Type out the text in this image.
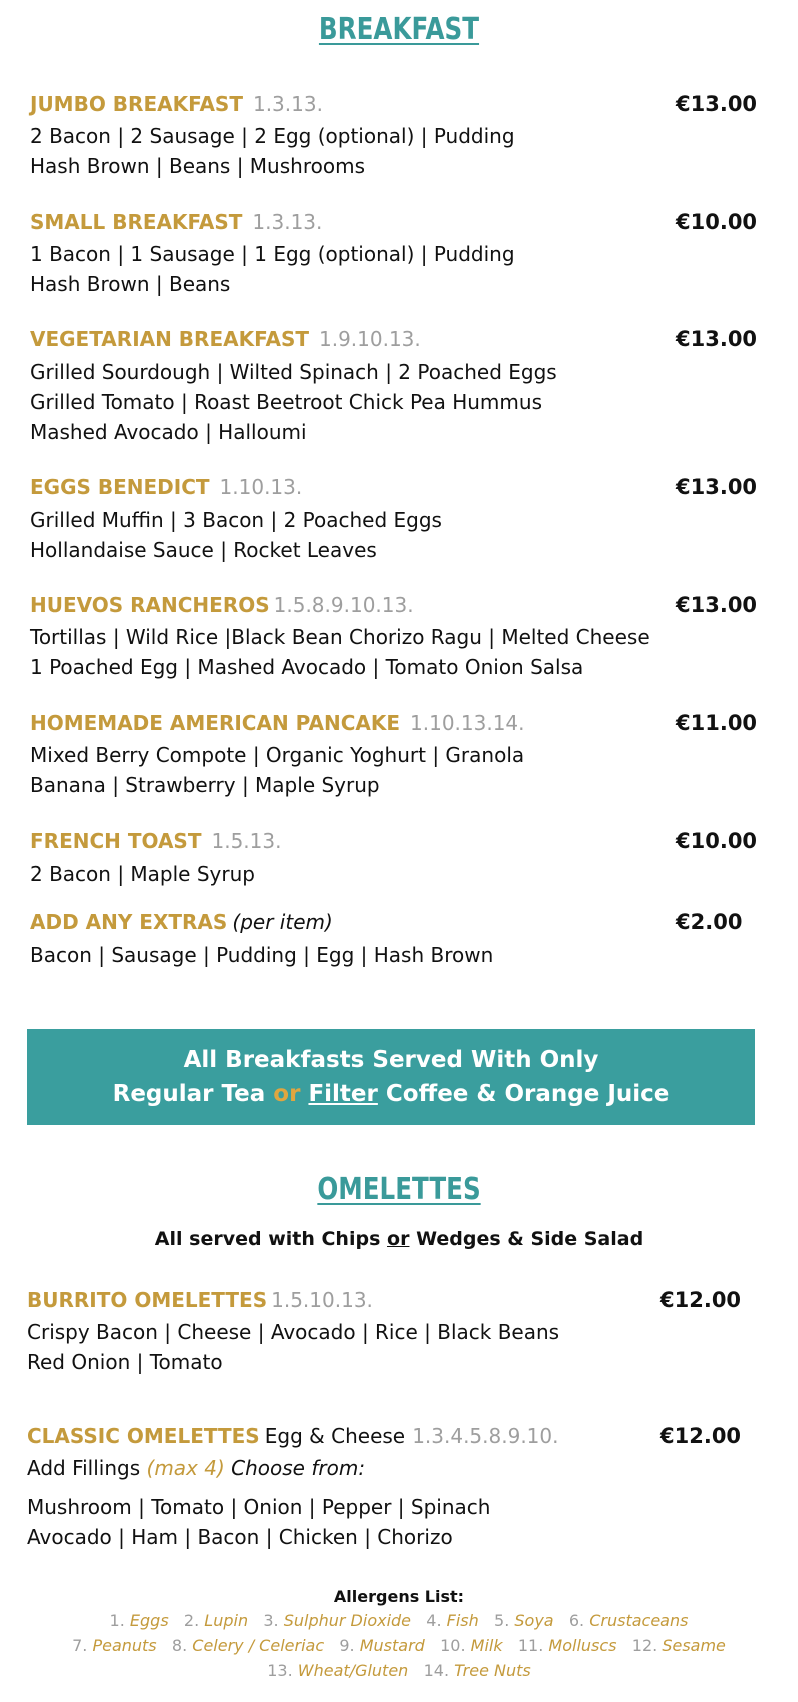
BREAKFAST
JUMBO BREAKFAST 1.3.13.	€13.00
2 Bacon | 2 Sausage | 2 Egg (optional) | Pudding
Hash Brown | Beans | Mushrooms
SMALL BREAKFAST 1.3.13.	€10.00
1 Bacon | 1 Sausage | 1 Egg (optional) | Pudding
Hash Brown | Beans
VEGETARIAN BREAKFAST 1.9.10.13.	€13.00
Grilled Sourdough | Wilted Spinach | 2 Poached Eggs
Grilled Tomato | Roast Beetroot Chick Pea Hummus
Mashed Avocado | Halloumi
EGGS BENEDICT 1.10.13.	€13.00
Grilled Muffin | 3 Bacon | 2 Poached Eggs
Hollandaise Sauce | Rocket Leaves
HUEVOS RANCHEROS 1.5.8.9.10.13.	€13.00
Tortillas | Wild Rice |Black Bean Chorizo Ragu | Melted Cheese
1 Poached Egg | Mashed Avocado | Tomato Onion Salsa
HOMEMADE AMERICAN PANCAKE 1.10.13.14.	€11.00
Mixed Berry Compote | Organic Yoghurt | Granola
Banana | Strawberry | Maple Syrup
FRENCH TOAST 1.5.13.	€10.00
2 Bacon | Maple Syrup
ADD ANY EXTRAS (per item)	€2.00
Bacon | Sausage | Pudding | Egg | Hash Brown
All Breakfasts Served With Only
Regular Tea or Filter Coffee & Orange Juice
OMELETTES
All served with Chips or Wedges & Side Salad
BURRITO OMELETTES 1.5.10.13.	€12.00
Crispy Bacon | Cheese | Avocado | Rice | Black Beans
Red Onion | Tomato
CLASSIC OMELETTES Egg & Cheese 1.3.4.5.8.9.10.	€12.00
Add Fillings (max 4) Choose from:
Mushroom | Tomato | Onion | Pepper | Spinach
Avocado | Ham | Bacon | Chicken | Chorizo
Allergens List:
1. Eggs 2. Lupin 3. Sulphur Dioxide 4. Fish 5. Soya 6. Crustaceans
7. Peanuts 8. Celery / Celeriac 9. Mustard 10. Milk 11. Molluscs 12. Sesame
13. Wheat/Gluten 14. Tree Nuts
